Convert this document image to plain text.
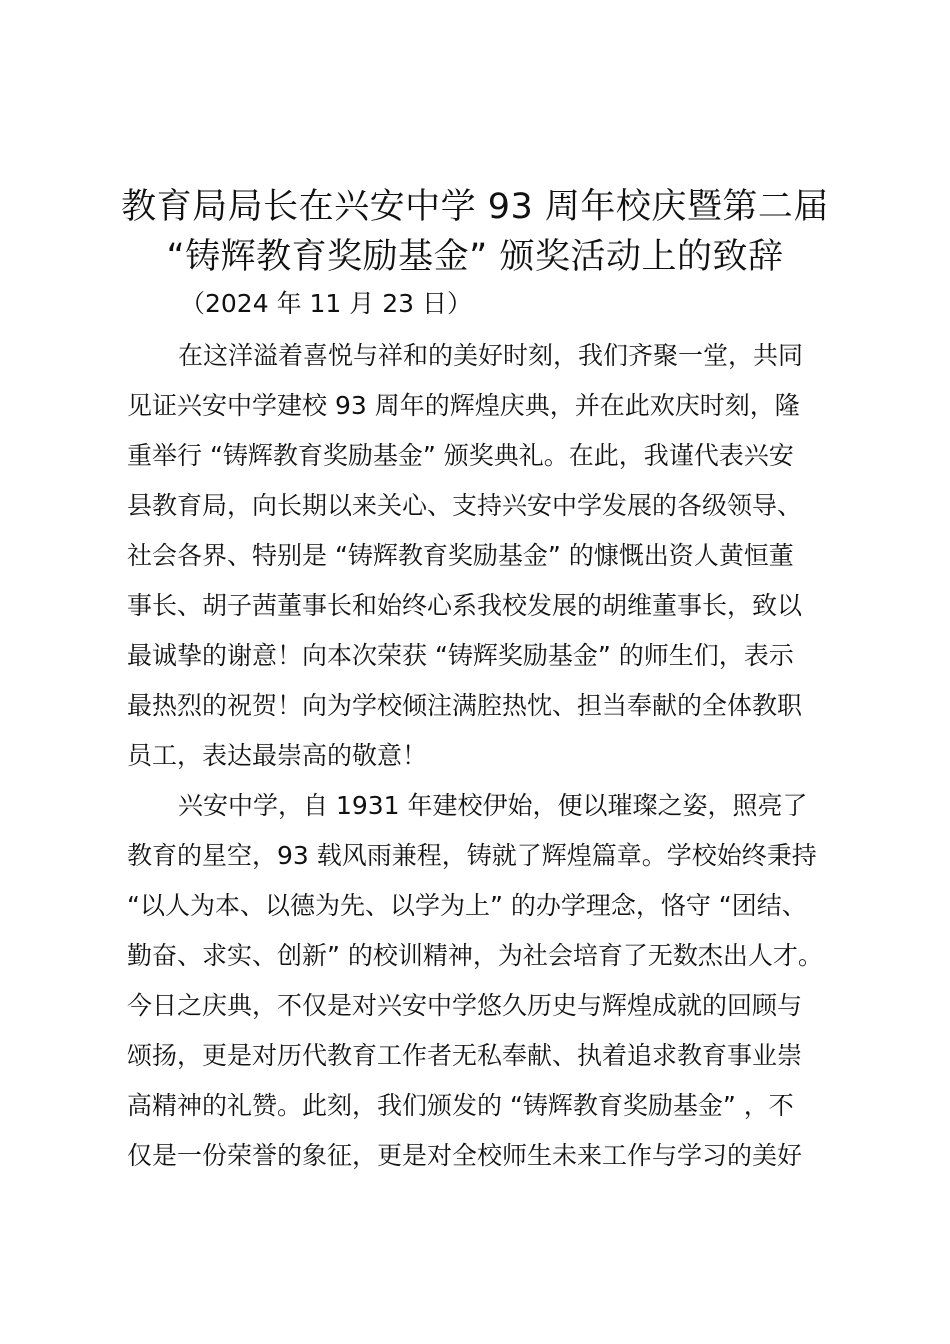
教育局局长在兴安中学 93 周年校庆暨第二届
“铸辉教育奖励基金” 颁奖活动上的致辞
（2024 年 11 月 23 日）
在这洋溢着喜悦与祥和的美好时刻，我们齐聚一堂，共同
见证兴安中学建校 93 周年的辉煌庆典，并在此欢庆时刻，隆
重举行 “铸辉教育奖励基金” 颁奖典礼。在此，我谨代表兴安
县教育局，向长期以来关心、支持兴安中学发展的各级领导、
社会各界、特别是 “铸辉教育奖励基金” 的慷慨出资人黄恒董
事长、胡子茜董事长和始终心系我校发展的胡维董事长，致以
最诚挚的谢意！向本次荣获 “铸辉奖励基金” 的师生们，表示
最热烈的祝贺！向为学校倾注满腔热忱、担当奉献的全体教职
员工，表达最崇高的敬意！
兴安中学，自 1931 年建校伊始，便以璀璨之姿，照亮了
教育的星空，93 载风雨兼程，铸就了辉煌篇章。学校始终秉持
“以人为本、以德为先、以学为上” 的办学理念，恪守 “团结、
勤奋、求实、创新” 的校训精神，为社会培育了无数杰出人才。
今日之庆典，不仅是对兴安中学悠久历史与辉煌成就的回顾与
颂扬，更是对历代教育工作者无私奉献、执着追求教育事业崇
高精神的礼赞。此刻，我们颁发的 “铸辉教育奖励基金” ，不
仅是一份荣誉的象征，更是对全校师生未来工作与学习的美好
